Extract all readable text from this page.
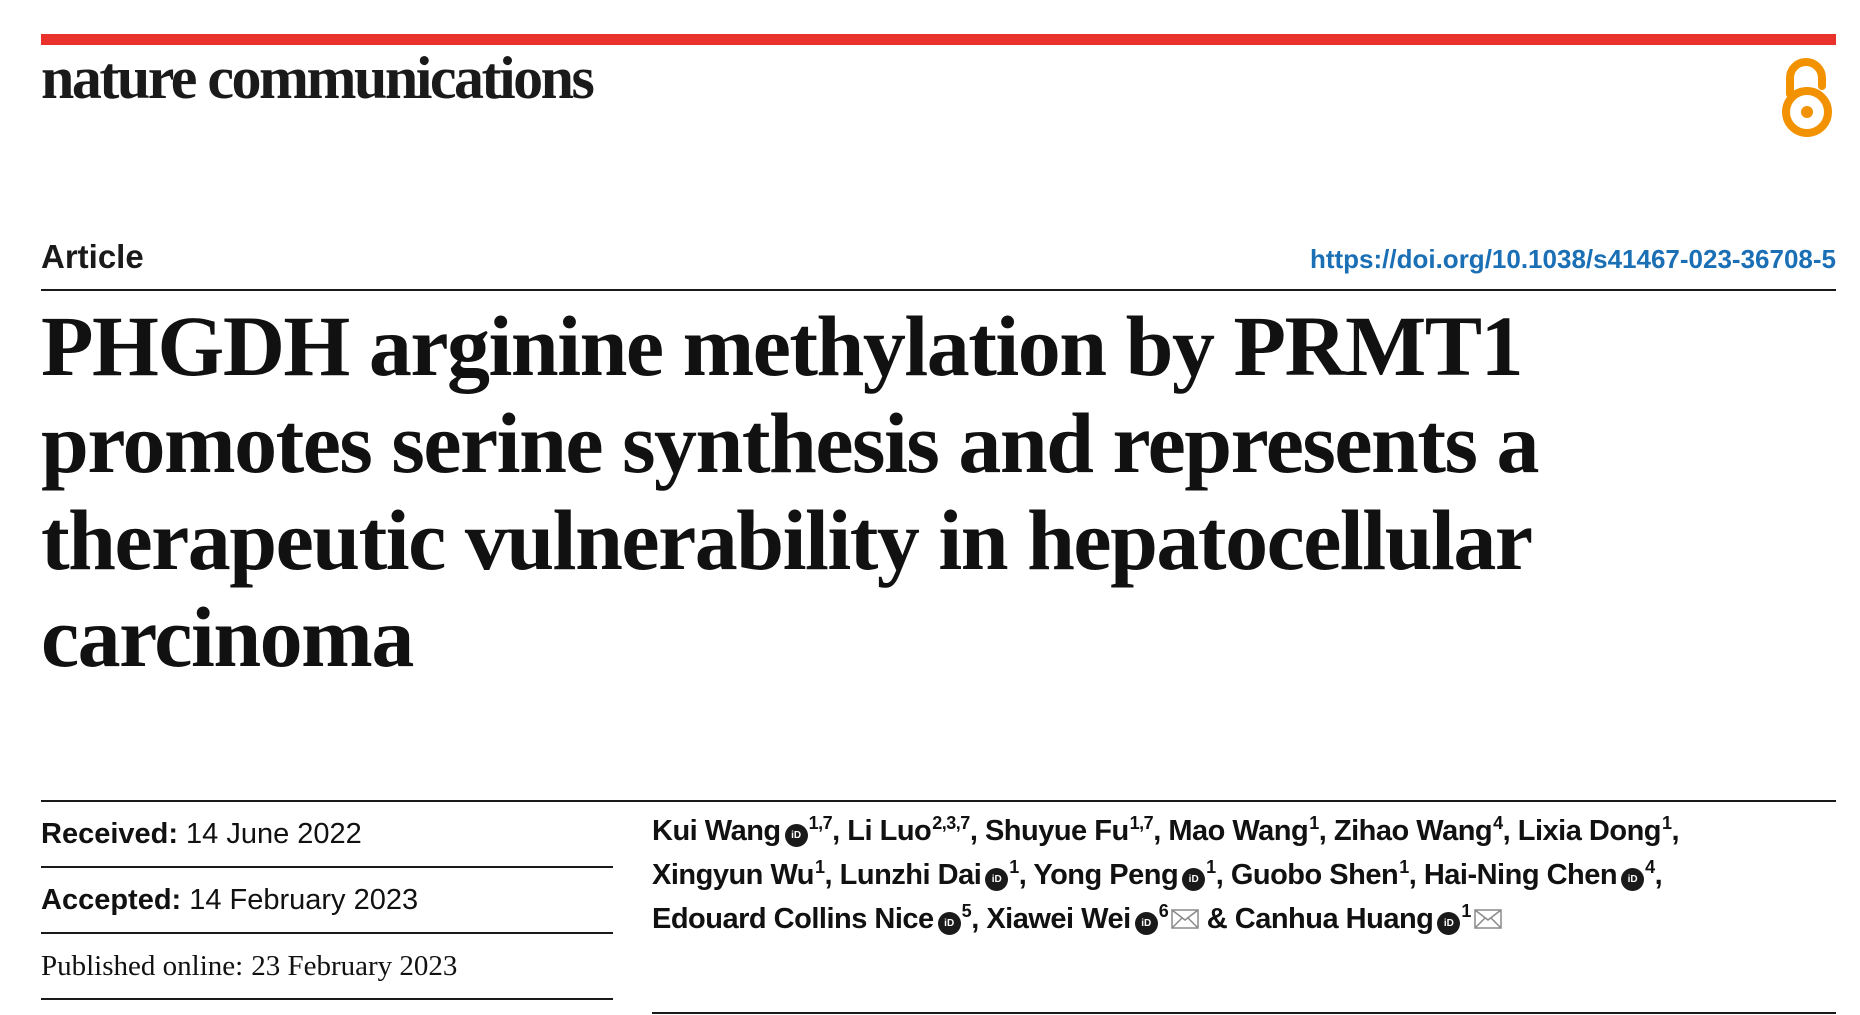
nature communications
Article	https://doi.org/10.1038/s41467-023-36708-5
PHGDH arginine methylation by PRMT1 promotes serine synthesis and represents a therapeutic vulnerability in hepatocellular carcinoma
Received: 14 June 2022
Accepted: 14 February 2023
Published online: 23 February 2023
Kui Wang iD$^{1,7}$, Li Luo$^{2,3,7}$, Shuyue Fu$^{1,7}$, Mao Wang$^1$, Zihao Wang$^4$, Lixia Dong$^1$,
Xingyun Wu$^1$, Lunzhi Dai $iD^1$, Yong Peng $iD^1$, Guobo Shen$^1$, Hai-Ning Chen $iD^4$,
Edouard Collins Nice $iD^5$, Xiawei Wei $iD^6$ & Canhua Huang $iD^1$
